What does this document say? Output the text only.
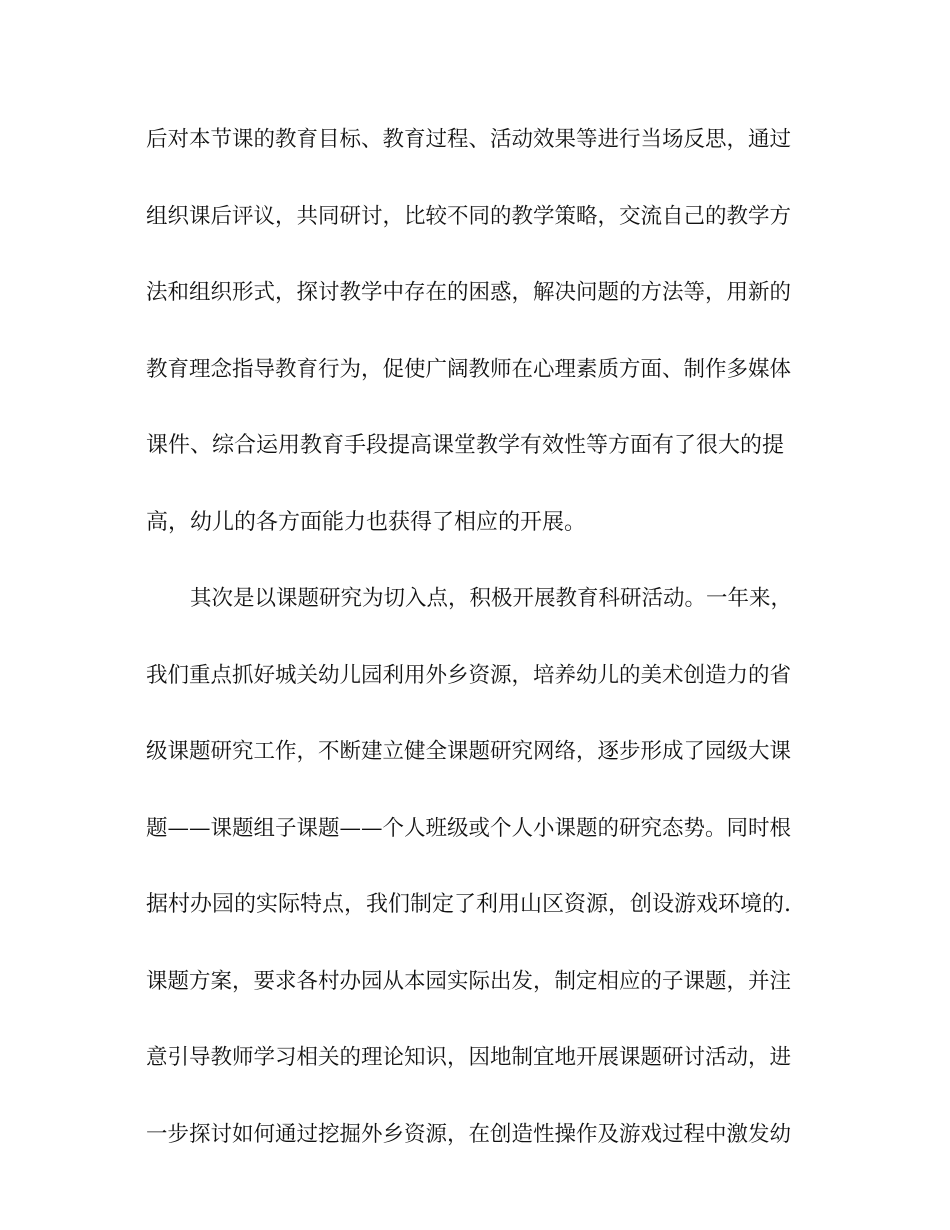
后对本节课的教育目标、教育过程、活动效果等进行当场反思，通过
组织课后评议，共同研讨，比较不同的教学策略，交流自己的教学方
法和组织形式，探讨教学中存在的困惑，解决问题的方法等，用新的
教育理念指导教育行为，促使广阔教师在心理素质方面、制作多媒体
课件、综合运用教育手段提高课堂教学有效性等方面有了很大的提
高，幼儿的各方面能力也获得了相应的开展。
其次是以课题研究为切入点，积极开展教育科研活动。一年来，
我们重点抓好城关幼儿园利用外乡资源，培养幼儿的美术创造力的省
级课题研究工作，不断建立健全课题研究网络，逐步形成了园级大课
题——课题组子课题——个人班级或个人小课题的研究态势。同时根
据村办园的实际特点，我们制定了利用山区资源，创设游戏环境的.
课题方案，要求各村办园从本园实际出发，制定相应的子课题，并注
意引导教师学习相关的理论知识，因地制宜地开展课题研讨活动，进
一步探讨如何通过挖掘外乡资源，在创造性操作及游戏过程中激发幼
